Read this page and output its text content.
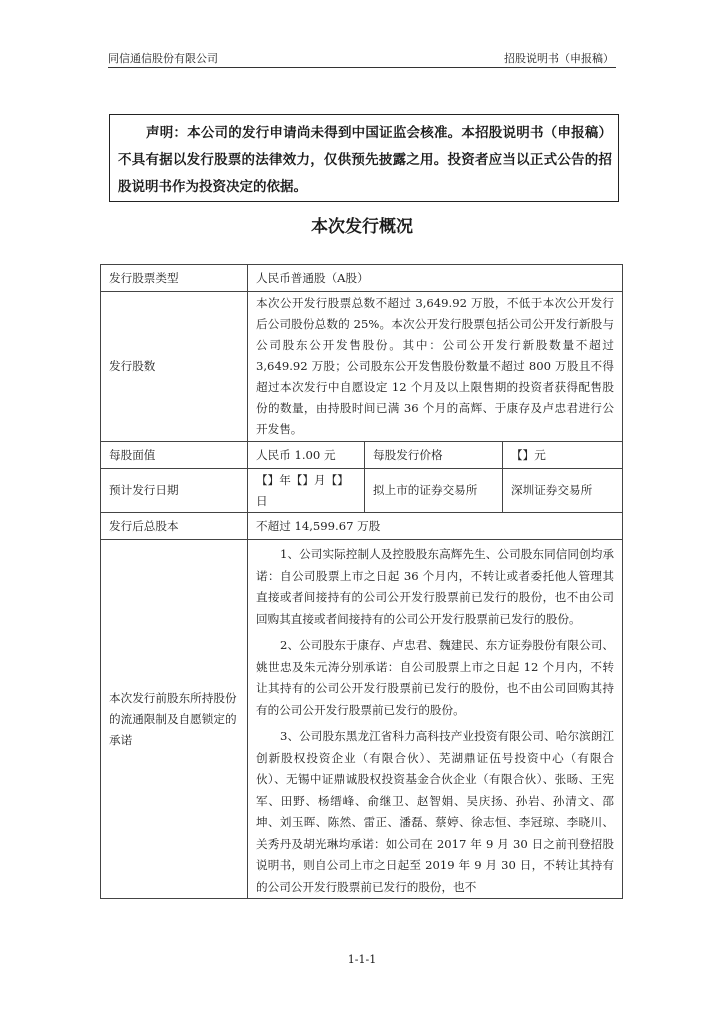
同信通信股份有限公司	招股说明书（申报稿）
声明：本公司的发行申请尚未得到中国证监会核准。本招股说明书（申报稿）不具有据以发行股票的法律效力，仅供预先披露之用。投资者应当以正式公告的招股说明书作为投资决定的依据。
本次发行概况
发行股票类型	人民币普通股（A股）		
发行股数	本次公开发行股票总数不超过 3,649.92 万股，不低于本次公开发行后公司股份总数的 25%。本次公开发行股票包括公司公开发行新股与公司股东公开发售股份。其中：公司公开发行新股数量不超过 3,649.92 万股；公司股东公开发售股份数量不超过 800 万股且不得超过本次发行中自愿设定 12 个月及以上限售期的投资者获得配售股份的数量，由持股时间已满 36 个月的高辉、于康存及卢忠君进行公开发售。		
每股面值	人民币 1.00 元	每股发行价格	【】元
预计发行日期	【】年【】月【】日	拟上市的证券交易所	深圳证券交易所
发行后总股本	不超过 14,599.67 万股		
本次发行前股东所持股份的流通限制及自愿锁定的承诺	1、公司实际控制人及控股股东高辉先生、公司股东同信同创均承诺：自公司股票上市之日起 36 个月内，不转让或者委托他人管理其直接或者间接持有的公司公开发行股票前已发行的股份，也不由公司回购其直接或者间接持有的公司公开发行股票前已发行的股份。

2、公司股东于康存、卢忠君、魏建民、东方证券股份有限公司、姚世忠及朱元涛分别承诺：自公司股票上市之日起 12 个月内，不转让其持有的公司公开发行股票前已发行的股份，也不由公司回购其持有的公司公开发行股票前已发行的股份。

3、公司股东黑龙江省科力高科技产业投资有限公司、哈尔滨朗江创新股权投资企业（有限合伙）、芜湖鼎证伍号投资中心（有限合伙）、无锡中证鼎诚股权投资基金合伙企业（有限合伙）、张旸、王宪军、田野、杨缙峰、俞继卫、赵智娟、吴庆扬、孙岩、孙清文、邵坤、刘玉晖、陈然、雷正、潘磊、蔡婷、徐志恒、李冠琼、李晓川、关秀丹及胡光琳均承诺：如公司在 2017 年 9 月 30 日之前刊登招股说明书，则自公司上市之日起至 2019 年 9 月 30 日，不转让其持有的公司公开发行股票前已发行的股份，也不		

1-1-1
